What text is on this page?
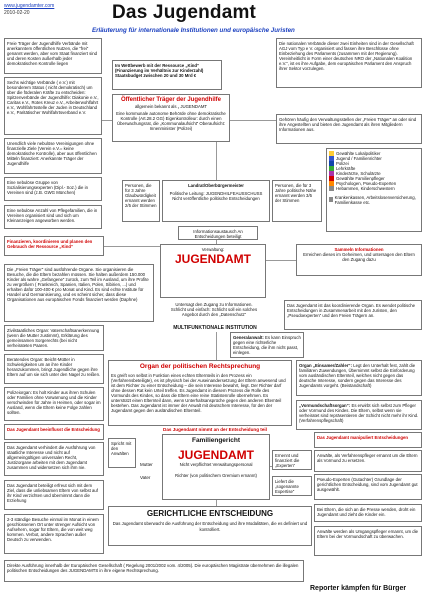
www.jugendamter.com
2010-02-20	Das Jugendamt
Erläuterung für internationale Institutionen und europäische Juristen
Freie Träger der Jugendhilfe Verbände mit anerkanntem öffentlichen Nutzen, die "frei" genannt werden, aber vom Staat finanziert sind und deren Kosten außerhalb jeder demokratischen Kontrolle liegen
Sechs wichtige Verbände ( e.V.) mit besonderem Status ( nicht demokratisch) um über die föderalen Kräfte zu entscheiden: Spitzenverbände der Jugendhilfe: Diakonie e.V., Caritas e.V., Rotes Kreuz e.V., Arbeiterwohlfahrt e.V., Wohlfahrtsstelle der Juden in Deutschland e.V., Paritätischer Wohlfahrtsverband e.V.
Unendlich viele nebulöse Vereinigungen ohne finanzielle Ziele (Verein e.V.= keine demokratische Kontrolle), aber aus öffentlichen Mitteln finanziert: Anerkannte Träger der Jugendhilfe
Eine nebulöse Gruppe von Sozialisierungsexperten (Dipl.- Soz.) die in Vereinen sind (z.B. GWG München)
Eine nebulöse Anzahl von Pflegefamilien, die in Vereinen organisiert sind und sich um Kleinanzeigen angeworben werden.
Im Wettbewerb mit der Ressource „Kind“ (Finanzierung im Verhältnis zur Kinderzahl) Staatsbudget zwischen 20 und 30 Mrd €
Öffentlicher Träger der Jugendhilfe
allgemein bekannt als „ JUGENDAMT
Eine kommunale autonome Behörde ohne demokratische Kontrolle (Art.28.2 GG) Eigenkontrolleur: durch einen Überwachungsrat, die „Kommunalaufsicht“ Oberaufsicht: Innenminister (Polizei)
Die nationalen Verbände dieser zwei Einheiten sind in der Gesellschaft AGJ vom Typ e V. organisiert und fassen ihre Beschlüsse ohne Einbeziehung des Parlaments (zusammen mit der Regierung). Vereinheitlicht in Form einer deutschen NRO der „Nationalen Koalition e.V.“, ist es ihre Aufgabe, dem europäischen Parlament den Anspruch ihrer Sektor vorzulegen.
Gehören häufig den Verwaltungsstellen der „Freien Träger“ an oder sind ihre Angestellten und bieten den Jugendamt als ihren Mitgliedern Informationen aus.
Gewählte Lokalpolitiker
Jugend / Familienrichter
Polizei
Lehrkräfte
Kinderärzte, Schulärzte
Gewählte Familienpfleger
Psychologen, Pseudo-Experten
Hebammen, Kinderschwestern
Krankenkassen, Arbeitslosenversicherung, Familienkasse etc.
Personen, die für 3 Jahre Glaubwürdigkeit ernannt werden 2/5 der Stimmen
Landrat/Oberbürgermeister
Politische Leitung: JUGENDHILFEAUSSCHUSS Nicht veröffentliche politische Entscheidungen
Personen, die für 3 Jahre politische Nähe ernannt werden 3/5 der Stimmen
Informationsaustausch An Entscheidungen beteiligt
Finanzieren, koordinieren und planen den Gebrauch der Ressource „Kind“
Verwaltung:
JUGENDAMT
Sammeln Informationen
Erreichen dieses im Geheimen, und untersagen den Eltern den Zugang dazu
Untersagt den Zugang zu Informationen. Schlicht und einfach: Schlicht soll ein solches Angebot durch den „Datenschutz“
MULTIFUNKTIONALE INSTITUTION
Die „Freien Träger“ sind ausführende Organe. Sie organisieren die Besuche, die die Eltern bezahlen müssen. Sie halten außerdem 150.000 Kinder als wahre „Gefangene“ zurück, zum Teil im Ausland, um ihre Profite zu vergrößern ( Frankreich, Spanien, Italien, Polen, Sibirien, ...) und erhalten dafür 100-400 € pro Monat und Kind. Es sind echte Institute für Handel und Germanisierung, und es scheint sicher, dass diese Organisationen aus europäischen Fonds finanziert werden (Daphne)
Zivilstaatliches Organ: Vaterschaftsanerkennung (wenn die Mutter zustimmt), Erklärung des gemeinsamen Sorgerechts (bei nicht verheirateten Paaren.
Beratendes Organ: Beicht-Mütter in Schwierigkeiten um an ihre Kinder heranzukommen, bringt Jugendliche gegen ihre Eltern auf um sie sich unter den Nagel zu reißen.
Polizeiorgan: Es holt Kinder aus ihren Schulen oder Familien ohne Vorwarnung und die Kinder verschwinden für Jahre in Heimen, oder sogar im Ausland, wenn die Eltern keine Folge zahlen sollten.
Das Jugendamt ist das koordinierende Organ. Es wendet politische Entscheidungen in Zusammenarbeit mit den Juristen, den „Pseudoexperten“ und den Freien Trägern an.
Generalanwalt: Es kann Einspruch gegen eine richterliche Entscheidung, die ihm nicht passt, einlegen.
Organ „Einsamer/Zahler“: Legt den Unterhalt fest, zahlt die familiären Zuwendungen, Übernimmt selbst die Einforderung vom ausländischen Elternteil, welches nicht gegen das deutsche Interesse, sondern gegen das Interesse des Jugendamts vorgeht. (Beistandschaft)
„Vormundschaftsorgan“: Es erwirbt sich selbst zum Pfleger oder Vormund des Kindes. Die Eltern, selbst wenn sie verheiratet sind repräsentieren der Schicht nicht mehr ihr Kind. (Verfahrenspflegschaft)
Organ der politischen Rechtsprechung
Es greift von selbst in Funktion eines echten Elternteils in den Prozess ein (Verfahrensbeteiligte), es ist physisch bei der Auseinandersetzung der Eltern anwesend und ist dem Richter zu einer Entscheidung – die sein Interesse bewahrt, liegt. Der Richter darf ohne dessen Rat kein Urteil treffen. Es Jugendamt in diesem Prozess die Rolle des Vormunds des Kindes, so dass die Eltern eine reine Statistenrolle übernehmen. Es unterstützt einen Elternteil dann, wenn Unterhaltsansprüche gegen den anderen Elternteil bestehen. Das Jugendamt ist immer der Anwalt mit deutschem Interesse, für den der Jugendamt gegen den ausländischen Elternteil.
Das Jugendamt nimmt an der Entscheidung teil
Das Jugendamt beeinflusst die Entscheidung
Das Jugendamt verhindert die Ausführung von staatliche Interesse und nicht auf allgemeingültigen universalen Recht, Justizorgane arbeiten mit dem Jugendamt zusammen und widersetzen sich ihm nie.
Spricht mit den Anwälten
Familiengericht
JUGENDAMT
Nicht verpflichtet Verwaltungspersonal
Richter (von politischem Gremium ernannt)
Mutter
Vater
Ernennt und finanziert die „Experten“
Liefert die „sogenannte Expertise“
Das Jugendamt manipuliert Entscheidungen
Anwälte, als Verfahrenspfleger ernannt um die Eltern als Vormund zu ersetzen.
Pseudo-Experten (Gutachter) Grundlage der gerichtlichen Entscheidung, sind vom Jugendamt gut ausgewählt.
Das Jugendamt beteiligt erfreut sich mit dem Ziel, dass die unliebsamen Eltern von selbst auf ihr Kind verzichten und übernimmt dann die Erziehung
2-3 ständige Besuche einmal im Monat in einem geschlossenen Ort unter strenger Aufsicht von Aufsehern, sogar für Eltern, die von weit weg kommen. Verbot, andere Sprachen außer Deutsch zu verwenden.
GERICHTLICHE ENTSCHEIDUNG
Das Jugendamt überwacht die Ausführung der Entscheidung und ihre Modalitäten, die es definiert und kontrolliert.
Bei Eltern, die sich an die Presse wenden, droht ein Jugendamt und zieht die Kinder ein.
Anwälte werden als Umgangspfleger ernannt, um die Eltern bei der Vormundschaft zu überwachen.
Direkte Ausführung innerhalb der Europäischen Gesellschaft ( Regelung 2001/2002 vom. 4/2005). Die europäischen Magistrate übernehmen die illegalen politischen Entscheidungen des JUGENDAMTS in ihre eigene Rechtsprechung.
Reporter kämpfen für Bürger
